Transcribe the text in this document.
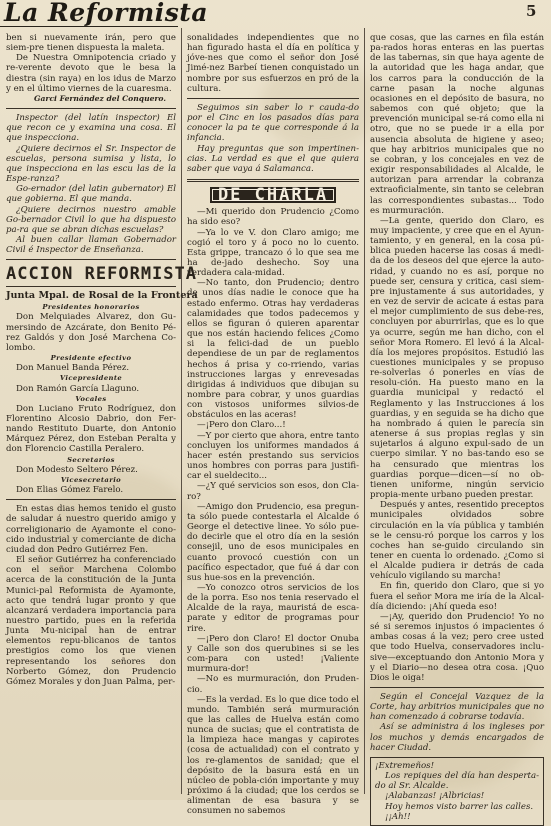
La Reformista	5

ben si nuevamente irán, pero que siem-pre tienen dispuesta la maleta.

De Nuestra Omnipotencia criado y re-verente devoto que le besa la diestra (sin raya) en los idus de Marzo y en el último viernes de la cuaresma.

Garci Fernández del Conquero.

Inspector (del latín inspector) El que recon ce y examina una cosa. El que inspecciona.

¿Quiere decirnos el Sr. Inspector de escuelas, persona sumisa y lista, lo que inspecciona en las escu las de la Espe-ranza?

Go-ernador (del latin gubernator) El que gobierna. El que manda.

¿Quiere decirnos nuestro amable Go-bernador Civil lo que ha dispuesto pa-ra que se abran dichas escuelas?

Al buen callar llaman Gobernador Civil é Inspector de Enseñanza.

ACCION REFORMISTA
Junta Mpal. de Rosal de la Frontera

Presidentes honorarios

Don Melquiades Alvarez, don Gu-mersindo de Azcárate, don Benito Pé-rez Galdós y don José Marchena Co-lombo.

Presidente efectivo

Don Manuel Banda Pérez.

Vicepresidente

Don Ramón García Llaguno.

Vocales

Don Luciano Fruto Rodríguez, don Florentino Alcosio Dabrio, don Fer-nando Restituto Duarte, don Antonio Márquez Pérez, don Esteban Peralta y don Florencio Castilla Peralero.

Secretarios

Don Modesto Seltero Pérez.

Vicesecretario

Don Elias Gómez Farelo.

En estas dias hemos tenido el gusto de saludar á nuestro querido amigo y correligionario de Ayamonte el cono-cido industrial y comerciante de dicha ciudad don Pedro Gutiérrez Fen.

El señor Gutiérrez ha conferenciado con el señor Marchena Colombo acerca de la constitución de la Junta Munici-pal Reformista de Ayamonte, acto que tendrá lugar pronto y que alcanzará verdadera importancia para nuestro partido, pues en la referida Junta Mu-nicipal han de entrar elementos repu-blicanos de tantos prestigios como los que vienen representando los señores don Norberto Gómez, don Prudencio Gómez Morales y don Juan Palma, per-

sonalidades independientes que no han figurado hasta el día en política y jóve-nes que como el señor don José Jimé-nez Barbeí tienen conquistado un nombre por sus esfuerzos en pró de la cultura.

Seguimos sin saber lo r cauda-do por el Cinc en los pasados días para conocer la pa te que corresponde á la infancia.

Hay preguntas que son impertinen-cias. La verdad es que el que quiera saber que vaya á Salamanca.

DE CHARLA

—Mi querido don Prudencio ¿Como ha sido eso?

—Ya lo ve V. don Claro amigo; me cogió el toro y á poco no lo cuento. Esta grippe, trancazo ó lo que sea me ha de-jado deshecho. Soy una verdadera cala-midad.

—No tanto, don Prudencio; dentro de unos días nadie le conoce que ha estado enfermo. Otras hay verdaderas calamidades que todos padecemos y ellos se figuran ó quieren aparentar que nos están haciendo felices ¿Como si la felici-dad de un pueblo dependiese de un par de reglamentos hechos á prisa y co-rriendo, varias instrucciones largas y enrevesadas dirigidas á individuos que dibujan su nombre para cobrar, y unos guardias con vistosos uniformes silvios-de obstáculos en las aceras!

—¡Pero don Claro...!

—Y por cierto que ahora, entre tanto concluyen los uniformes mandados á hacer estén prestando sus servicios unos hombres con porras para justifi-car el sueldecito...

—¿Y qué servicios son esos, don Cla-ro?

—Amigo don Prudencio, esa pregun-ta sólo puede contestarla el Alcalde ó George el detective linee. Yo sólo pue-do decirle que el otro día en la sesión consejil, uno de esos municipales en cuanto provocó cuestión con un pacífico espectador, que fué á dar con sus hue-sos en la prevención.

—Yo conozco otros servicios de los de la porra. Eso nos tenia reservado el Alcalde de la raya, mauristá de esca-parate y editor de programas pour rire.

—¡Pero don Claro! El doctor Onuba y Calle son dos querubines si se les com-para con usted! ¡Valiente murmura-dor!

—No es murmuración, don Pruden-cio.

—Es la verdad. Es lo que dice todo el mundo. También será murmuración que las calles de Huelva están como nunca de sucias; que el contratista de la limpieza hace mangas y capirotes (cosa de actualidad) con el contrato y los re-glamentos de sanidad; que el depósito de la basura está en un núcleo de pobla-ción importante y muy próximo á la ciudad; que los cerdos se alimentan de esa basura y se consumen no sabemos

que cosas, que las carnes en fila están pa-rados horas enteras en las puertas de las tabernas, sin que haya agente de la autoridad que les haga andar, que los carros para la conducción de la carne pasan la noche algunas ocasiones en el depósito de basura, no sabemos con qué objeto; que la prevención municipal se-rá como ella ni otro, que no se puede ir a ella por ausencia absoluta de higiene y aseo; que hay arbitrios municipales que no se cobran, y los concejales en vez de exigir responsabilidades al Alcalde, le autorizan para arrendar la cobranza extraoficialmente, sin tanto se celebran las correspondientes subastas... Todo es murmuración.

—La gente, querido don Claro, es muy impaciente, y cree que en el Ayun-tamiento, y en general, en la cosa pú-blica pueden hacerse las cosas á medi-da de los deseos del que ejerce la auto-ridad, y cuando no es así, porque no puede ser, censura y critica, casi siem-pre injustamente á sus autoridades, y en vez de servir de acicate á estas para el mejor cumplimiento de sus debe-res, concluyen por aburrirlas, que es lo que ya ocurre, según me han dicho, con el señor Mora Romero. El levó á la Alcal-día los mejores propósitos. Estudió las cuestiones municipales y se propuso re-solverlas ó ponerles en vías de resolu-ción. Ha puesto mano en la guardia municipal y redactó el Reglamento y las Instrucciones á los guardias, y en seguida se ha dicho que ha nombrado á quien le parecía sin atenerse á sus propias reglas y sin sujetarlos á alguno expul-sado de un cuerpo similar. Y no bas-tando eso se ha censurado que mientras los guardias porque—dicen—sí no ob-tienen uniforme, ningún servicio propia-mente urbano pueden prestar.

Después y antes, resentido preceptos municipales olvidados sobre circulación en la vía pública y también se le censu-ró porque los carros y los coches han se-guido circulando sin tener en cuenta lo ordenado. ¿Como si el Alcalde pudiera ir detrás de cada vehículo vigilando su marcha!

En fin, querido don Claro, que si yo fuera el señor Mora me iría de la Alcal-día diciendo: ¡Ahí queda eso!

—¡Ay, querido don Prudencio! Yo no sé si seremos injustos ó impacientes ó ambas cosas á la vez; pero cree usted que todo Huelva, conservadores inclu-sive—exceptuando don Antonio Mora y y el Diario—no desea otra cosa. ¡Quo Dios le oiga!

Según el Concejal Vazquez de la Corte, hay arbitrios municipales que no han comenzado á cobrarse todavía.

Así se administra á los ingleses por los muchos y demás encargados de hacer Ciudad.

¡Extremeños!

Los repiques del día han desperta-do al Sr. Alcalde.

¡Alabanzas! ¡Albricias!

Hoy hemos visto barrer las calles.

¡¡Ah!!
